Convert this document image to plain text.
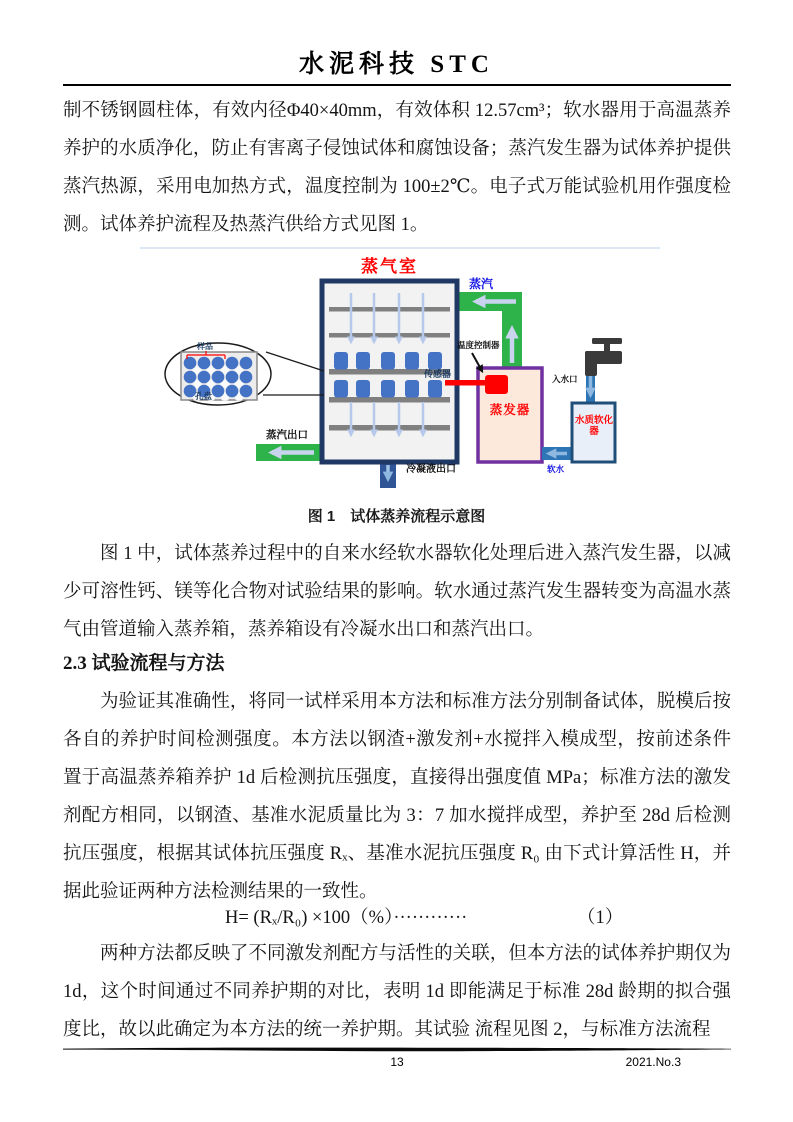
水泥科技 STC

制不锈钢圆柱体，有效内径Φ40×40mm，有效体积 12.57cm³；软水器用于高温蒸养养护的水质净化，防止有害离子侵蚀试体和腐蚀设备；蒸汽发生器为试体养护提供蒸汽热源，采用电加热方式，温度控制为 100±2℃。电子式万能试验机用作强度检测。试体养护流程及热蒸汽供给方式见图 1。

蒸气室
蒸汽
温度控制器
传感器
蒸发器
入水口
水质软化器
软水
蒸汽出口
冷凝液出口
样品
孔盘
图 1　试体蒸养流程示意图

图 1 中，试体蒸养过程中的自来水经软水器软化处理后进入蒸汽发生器，以减少可溶性钙、镁等化合物对试验结果的影响。软水通过蒸汽发生器转变为高温水蒸气由管道输入蒸养箱，蒸养箱设有冷凝水出口和蒸汽出口。

2.3 试验流程与方法

为验证其准确性，将同一试样采用本方法和标准方法分别制备试体，脱模后按各自的养护时间检测强度。本方法以钢渣+激发剂+水搅拌入模成型，按前述条件置于高温蒸养箱养护 1d 后检测抗压强度，直接得出强度值 MPa；标准方法的激发剂配方相同，以钢渣、基准水泥质量比为 3：7 加水搅拌成型，养护至 28d 后检测抗压强度，根据其试体抗压强度 Rₓ、基准水泥抗压强度 R₀ 由下式计算活性 H，并据此验证两种方法检测结果的一致性。

H= (Rₓ/R₀) ×100（%）············	（1）

两种方法都反映了不同激发剂配方与活性的关联，但本方法的试体养护期仅为 1d，这个时间通过不同养护期的对比，表明 1d 即能满足于标准 28d 龄期的拟合强度比，故以此确定为本方法的统一养护期。其试验 流程见图 2，与标准方法流程

13	2021.No.3
